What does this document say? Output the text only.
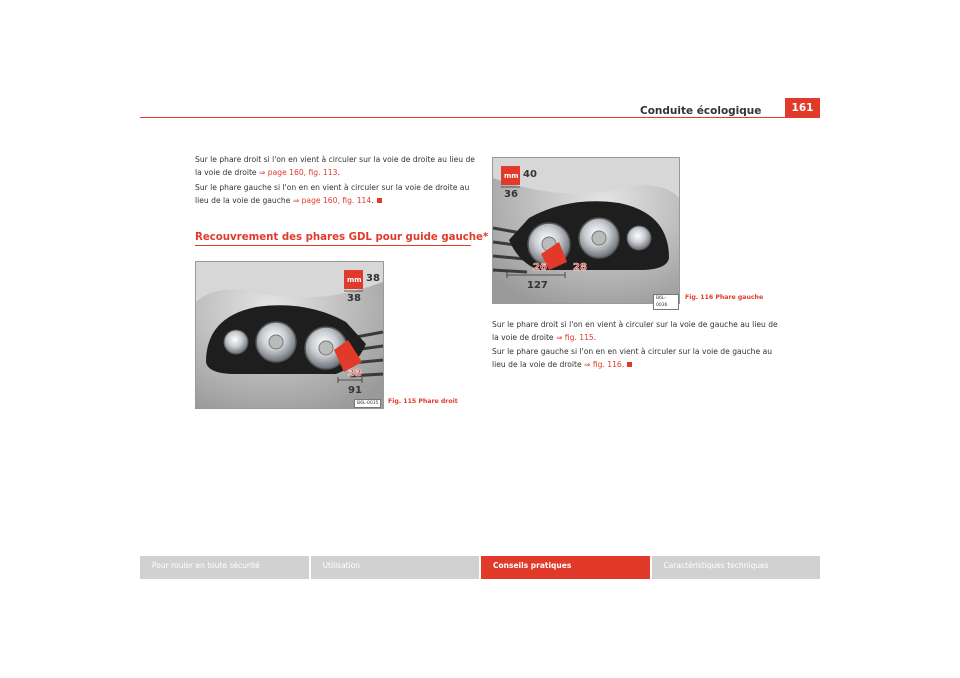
Conduite écologique	161
Sur le phare droit si l'on en vient à circuler sur la voie de droite au lieu de la voie de droite ⇒ page 160, fig. 113.
Sur le phare gauche si l'on en en vient à circuler sur la voie de droite au lieu de la voie de gauche ⇒ page 160, fig. 114.
Recouvrement des phares GDL pour guide gauche*
33
91
mm 38
38
B6L-0035	Fig. 115 Phare droit
26	28
127
mm 40
36
B6L-0036
Fig. 116 Phare gauche
Sur le phare droit si l'on en vient à circuler sur la voie de gauche au lieu de la voie de droite ⇒ fig. 115.
Sur le phare gauche si l'on en en vient à circuler sur la voie de gauche au lieu de la voie de droite ⇒ fig. 116.
Pour rouler en toute sécurité	Utilisation	Conseils pratiques	Caractéristiques techniques
